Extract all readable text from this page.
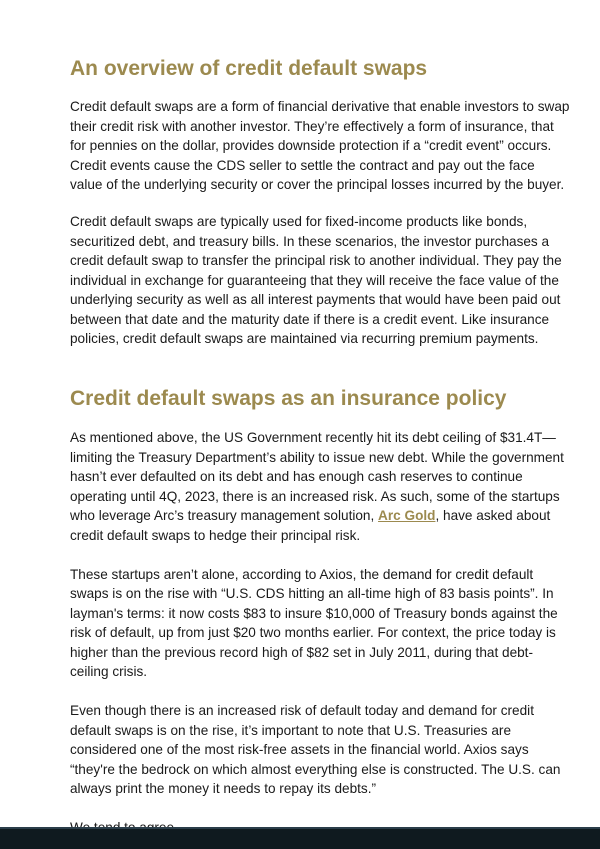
An overview of credit default swaps

Credit default swaps are a form of financial derivative that enable investors to swap their credit risk with another investor. They’re effectively a form of insurance, that for pennies on the dollar, provides downside protection if a “credit event” occurs. Credit events cause the CDS seller to settle the contract and pay out the face value of the underlying security or cover the principal losses incurred by the buyer.

Credit default swaps are typically used for fixed-income products like bonds, securitized debt, and treasury bills. In these scenarios, the investor purchases a credit default swap to transfer the principal risk to another individual. They pay the individual in exchange for guaranteeing that they will receive the face value of the underlying security as well as all interest payments that would have been paid out between that date and the maturity date if there is a credit event. Like insurance policies, credit default swaps are maintained via recurring premium payments.

Credit default swaps as an insurance policy

As mentioned above, the US Government recently hit its debt ceiling of $31.4T—limiting the Treasury Department’s ability to issue new debt. While the government hasn’t ever defaulted on its debt and has enough cash reserves to continue operating until 4Q, 2023, there is an increased risk. As such, some of the startups who leverage Arc’s treasury management solution, Arc Gold, have asked about credit default swaps to hedge their principal risk.

These startups aren’t alone, according to Axios, the demand for credit default swaps is on the rise with “U.S. CDS hitting an all-time high of 83 basis points”. In layman's terms: it now costs $83 to insure $10,000 of Treasury bonds against the risk of default, up from just $20 two months earlier. For context, the price today is higher than the previous record high of $82 set in July 2011, during that debt-ceiling crisis.

Even though there is an increased risk of default today and demand for credit default swaps is on the rise, it’s important to note that U.S. Treasuries are considered one of the most risk-free assets in the financial world. Axios says “they're the bedrock on which almost everything else is constructed. The U.S. can always print the money it needs to repay its debts.”
